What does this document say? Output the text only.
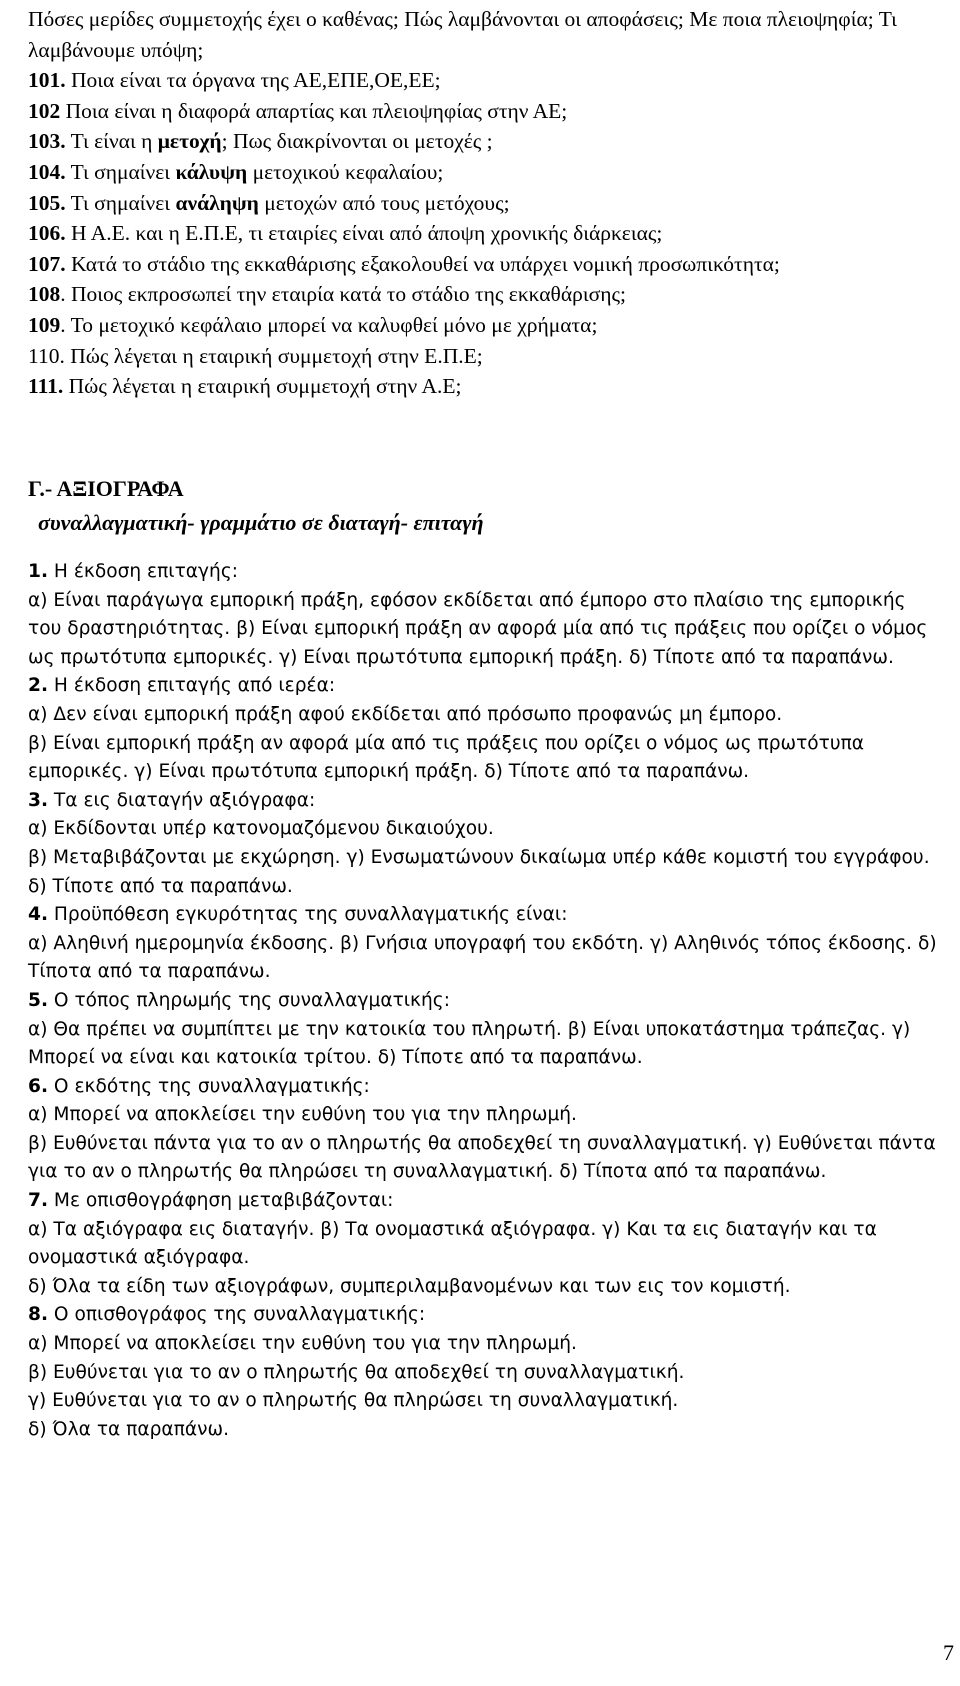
Πόσες μερίδες συμμετοχής έχει ο καθένας; Πώς λαμβάνονται οι αποφάσεις; Με ποια πλειοψηφία; Τι λαμβάνουμε υπόψη;

101. Ποια είναι τα όργανα της ΑΕ,ΕΠΕ,ΟΕ,ΕΕ;

102 Ποια είναι η διαφορά απαρτίας και πλειοψηφίας στην ΑΕ;

103. Τι είναι η μετοχή; Πως διακρίνονται οι μετοχές ;

104. Τι σημαίνει κάλυψη μετοχικού κεφαλαίου;

105. Τι σημαίνει ανάληψη μετοχών από τους μετόχους;

106. Η Α.Ε. και η Ε.Π.Ε, τι εταιρίες είναι από άποψη χρονικής διάρκειας;

107. Κατά το στάδιο της εκκαθάρισης εξακολουθεί να υπάρχει νομική προσωπικότητα;

108. Ποιος εκπροσωπεί την εταιρία κατά το στάδιο της εκκαθάρισης;

109. Το μετοχικό κεφάλαιο μπορεί να καλυφθεί μόνο με χρήματα;

110. Πώς λέγεται η εταιρική συμμετοχή στην Ε.Π.Ε;

111. Πώς λέγεται η εταιρική συμμετοχή στην Α.Ε;

Γ.- ΑΞΙΟΓΡΑΦΑ

συναλλαγματική- γραμμάτιο σε διαταγή- επιταγή

1. Η έκδοση επιταγής:

α) Είναι παράγωγα εμπορική πράξη, εφόσον εκδίδεται από έμπορο στο πλαίσιο της εμπορικής του δραστηριότητας. β) Είναι εμπορική πράξη αν αφορά μία από τις πράξεις που ορίζει ο νόμος ως πρωτότυπα εμπορικές. γ) Είναι πρωτότυπα εμπορική πράξη. δ) Τίποτε από τα παραπάνω.

2. Η έκδοση επιταγής από ιερέα:

α) Δεν είναι εμπορική πράξη αφού εκδίδεται από πρόσωπο προφανώς μη έμπορο.

β) Είναι εμπορική πράξη αν αφορά μία από τις πράξεις που ορίζει ο νόμος ως πρωτότυπα εμπορικές. γ) Είναι πρωτότυπα εμπορική πράξη. δ) Τίποτε από τα παραπάνω.

3. Τα εις διαταγήν αξιόγραφα:

α) Εκδίδονται υπέρ κατονομαζόμενου δικαιούχου.

β) Μεταβιβάζονται με εκχώρηση. γ) Ενσωματώνουν δικαίωμα υπέρ κάθε κομιστή του εγγράφου. δ) Τίποτε από τα παραπάνω.

4. Προϋπόθεση εγκυρότητας της συναλλαγματικής είναι:

α) Αληθινή ημερομηνία έκδοσης. β) Γνήσια υπογραφή του εκδότη. γ) Αληθινός τόπος έκδοσης. δ) Τίποτα από τα παραπάνω.

5. Ο τόπος πληρωμής της συναλλαγματικής:

α) Θα πρέπει να συμπίπτει με την κατοικία του πληρωτή. β) Είναι υποκατάστημα τράπεζας. γ) Μπορεί να είναι και κατοικία τρίτου. δ) Τίποτε από τα παραπάνω.

6. Ο εκδότης της συναλλαγματικής:

α) Μπορεί να αποκλείσει την ευθύνη του για την πληρωμή.

β) Ευθύνεται πάντα για το αν ο πληρωτής θα αποδεχθεί τη συναλλαγματική. γ) Ευθύνεται πάντα για το αν ο πληρωτής θα πληρώσει τη συναλλαγματική. δ) Τίποτα από τα παραπάνω.

7. Με οπισθογράφηση μεταβιβάζονται:

α) Τα αξιόγραφα εις διαταγήν. β) Τα ονομαστικά αξιόγραφα. γ) Και τα εις διαταγήν και τα ονομαστικά αξιόγραφα.

δ) Όλα τα είδη των αξιογράφων, συμπεριλαμβανομένων και των εις τον κομιστή.

8. Ο οπισθογράφος της συναλλαγματικής:

α) Μπορεί να αποκλείσει την ευθύνη του για την πληρωμή.

β) Ευθύνεται για το αν ο πληρωτής θα αποδεχθεί τη συναλλαγματική.

γ) Ευθύνεται για το αν ο πληρωτής θα πληρώσει τη συναλλαγματική.

δ) Όλα τα παραπάνω.

7
